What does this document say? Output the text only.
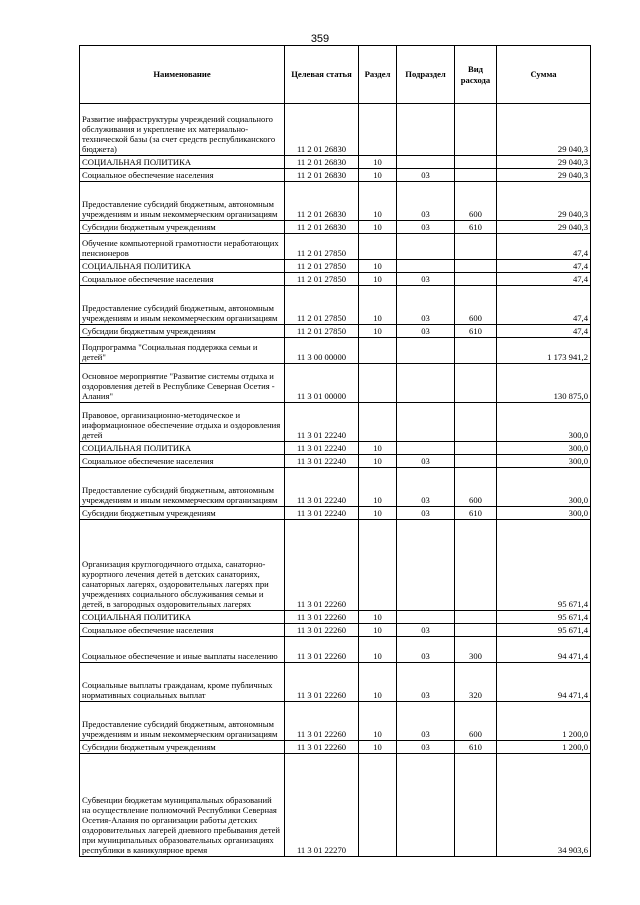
359
Наименование	Целевая статья	Раздел	Подраздел	Вид расхода	Сумма
Развитие инфраструктуры учреждений социального обслуживания и укрепление их материально-технической базы (за счет средств республиканского бюджета)	11 2 01 26830				29 040,3
СОЦИАЛЬНАЯ ПОЛИТИКА	11 2 01 26830	10			29 040,3
Социальное обеспечение населения	11 2 01 26830	10	03		29 040,3
Предоставление субсидий бюджетным, автономным учреждениям и иным некоммерческим организациям	11 2 01 26830	10	03	600	29 040,3
Субсидии бюджетным учреждениям	11 2 01 26830	10	03	610	29 040,3
Обучение компьютерной грамотности неработающих пенсионеров	11 2 01 27850				47,4
СОЦИАЛЬНАЯ ПОЛИТИКА	11 2 01 27850	10			47,4
Социальное обеспечение населения	11 2 01 27850	10	03		47,4
Предоставление субсидий бюджетным, автономным учреждениям и иным некоммерческим организациям	11 2 01 27850	10	03	600	47,4
Субсидии бюджетным учреждениям	11 2 01 27850	10	03	610	47,4
Подпрограмма "Социальная поддержка семьи и детей"	11 3 00 00000				1 173 941,2
Основное мероприятие "Развитие системы отдыха и оздоровления детей в Республике Северная Осетия - Алания"	11 3 01 00000				130 875,0
Правовое, организационно-методическое и информационное обеспечение отдыха и оздоровления детей	11 3 01 22240				300,0
СОЦИАЛЬНАЯ ПОЛИТИКА	11 3 01 22240	10			300,0
Социальное обеспечение населения	11 3 01 22240	10	03		300,0
Предоставление субсидий бюджетным, автономным учреждениям и иным некоммерческим организациям	11 3 01 22240	10	03	600	300,0
Субсидии бюджетным учреждениям	11 3 01 22240	10	03	610	300,0
Организация круглогодичного отдыха, санаторно-курортного лечения детей в детских санаториях, санаторных лагерях, оздоровительных лагерях при учреждениях социального обслуживания семьи и детей, в загородных оздоровительных лагерях	11 3 01 22260				95 671,4
СОЦИАЛЬНАЯ ПОЛИТИКА	11 3 01 22260	10			95 671,4
Социальное обеспечение населения	11 3 01 22260	10	03		95 671,4
Социальное обеспечение и иные выплаты населению	11 3 01 22260	10	03	300	94 471,4
Социальные выплаты гражданам, кроме публичных нормативных социальных выплат	11 3 01 22260	10	03	320	94 471,4
Предоставление субсидий бюджетным, автономным учреждениям и иным некоммерческим организациям	11 3 01 22260	10	03	600	1 200,0
Субсидии бюджетным учреждениям	11 3 01 22260	10	03	610	1 200,0
Субвенции бюджетам муниципальных образований на осуществление полномочий Республики Северная Осетия-Алания по организации работы детских оздоровительных лагерей дневного пребывания детей при муниципальных образовательных организациях республики в каникулярное время	11 3 01 22270				34 903,6
